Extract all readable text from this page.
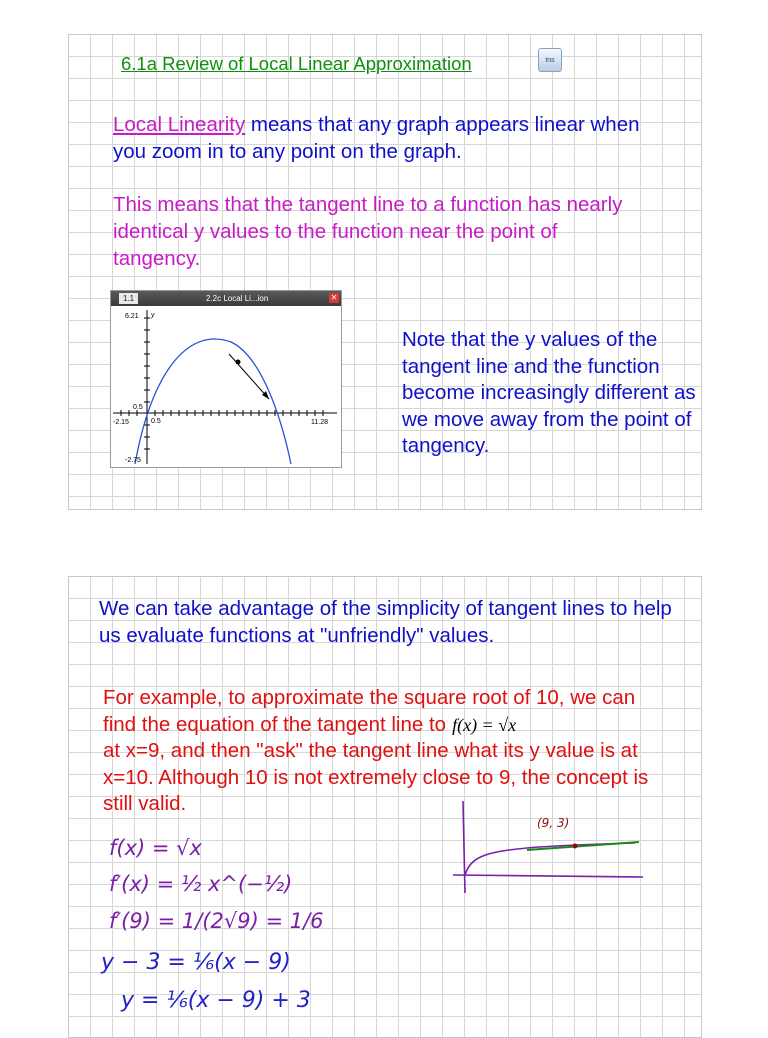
6.1a Review of Local Linear Approximation	tns
Local Linearity means that any graph appears linear when you zoom in to any point on the graph.
This means that the tangent line to a function has nearly identical y values to the function near the point of tangency.
1.1	2.2c Local Li...ion	✕
6.21 y
-2.15	11.28
-2.75
0.5
0.5
Note that the y values of the tangent line and the function become increasingly different as we move away from the point of tangency.
We can take advantage of the simplicity of tangent lines to help us evaluate functions at "unfriendly" values.
For example, to approximate the square root of 10, we can find the equation of the tangent line to f(x) = √x
at x=9, and then "ask" the tangent line what its y value is at x=10. Although 10 is not extremely close to 9, the concept is still valid.
f(x) = √x
f′(x) = ½ x^(−½)
f′(9) = 1/(2√9) = 1/6
y − 3 = ⅙(x − 9)
y = ⅙(x − 9) + 3
(9, 3)
